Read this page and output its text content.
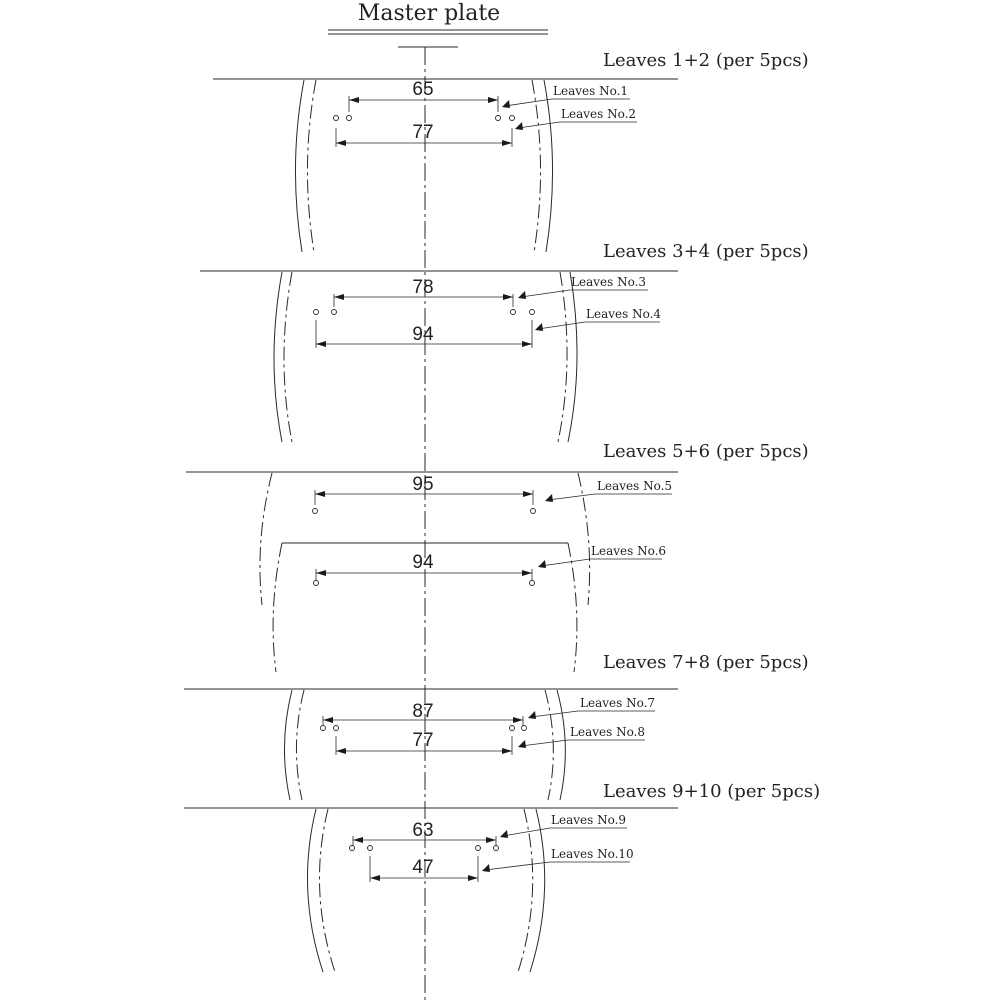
Master plate
Leaves 1+2 (per 5pcs)
65	Leaves No.1
77
Leaves No.2
Leaves 3+4 (per 5pcs)
78	Leaves No.3
94
Leaves No.4
Leaves 5+6 (per 5pcs)
95	Leaves No.5
94
Leaves No.6
Leaves 7+8 (per 5pcs)
87	Leaves No.7
77	Leaves No.8
Leaves 9+10 (per 5pcs)
63	Leaves No.9
47
Leaves No.10
